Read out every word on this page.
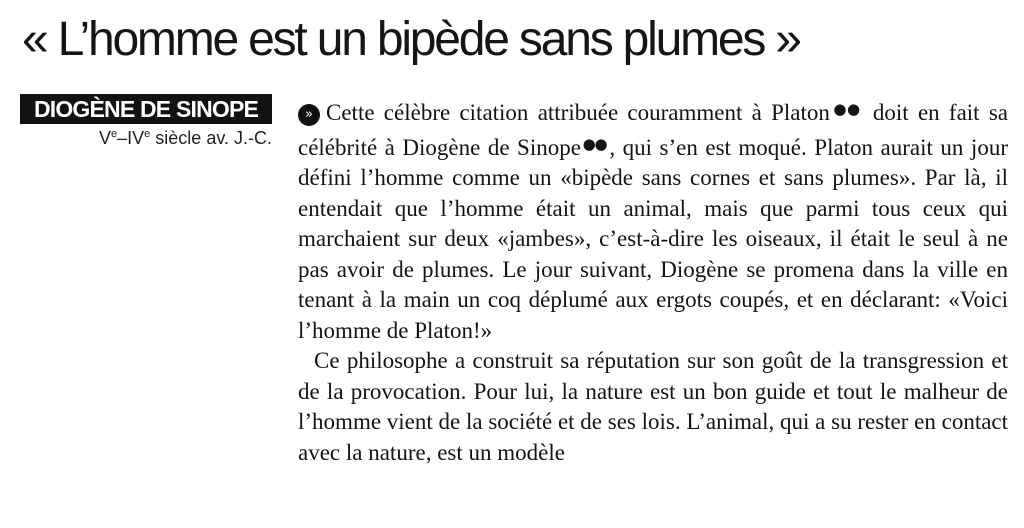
« L’homme est un bipède sans plumes »
DIOGÈNE DE SINOPE
Ve–IVe siècle av. J.-C.

» Cette célèbre citation attribuée couramment à Platon●● doit en fait sa célébrité à Diogène de Sinope●● , qui s’en est moqué. Platon aurait un jour défini l’homme comme un «bipède sans cornes et sans plumes». Par là, il entendait que l’homme était un animal, mais que parmi tous ceux qui marchaient sur deux «jambes», c’est-à-dire les oiseaux, il était le seul à ne pas avoir de plumes. Le jour suivant, Diogène se promena dans la ville en tenant à la main un coq déplumé aux ergots coupés, et en déclarant: «Voici l’homme de Platon!»

Ce philosophe a construit sa réputation sur son goût de la transgression et de la provocation. Pour lui, la nature est un bon guide et tout le malheur de l’homme vient de la société et de ses lois. L’animal, qui a su rester en contact avec la nature, est un modèle
